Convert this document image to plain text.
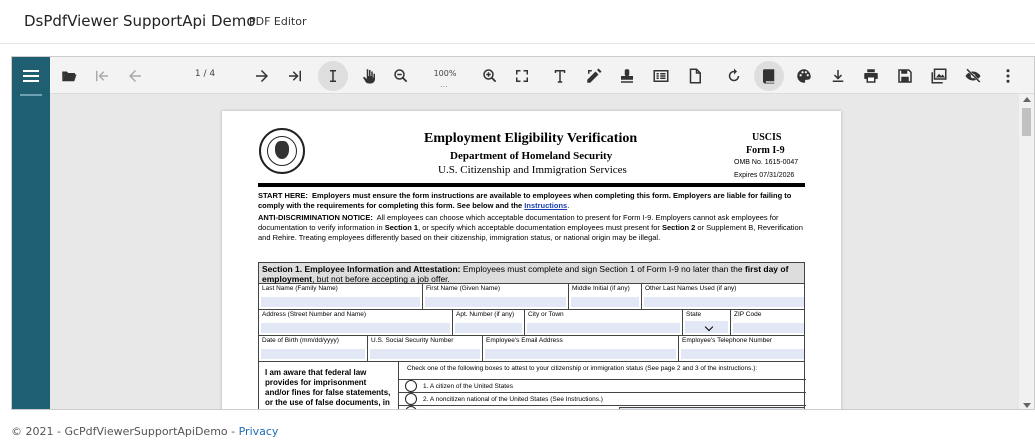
DsPdfViewer SupportApi Demo
PDF Editor
1 / 4	100%
...
Employment Eligibility Verification
Department of Homeland Security
U.S. Citizenship and Immigration Services
USCIS
Form I-9
OMB No. 1615-0047
Expires 07/31/2026
START HERE: Employers must ensure the form instructions are available to employees when completing this form. Employers are liable for failing to comply with the requirements for completing this form. See below and the Instructions.
ANTI-DISCRIMINATION NOTICE: All employees can choose which acceptable documentation to present for Form I-9. Employers cannot ask employees for documentation to verify information in Section 1, or specify which acceptable documentation employees must present for Section 2 or Supplement B, Reverification and Rehire. Treating employees differently based on their citizenship, immigration status, or national origin may be illegal.
Section 1. Employee Information and Attestation: Employees must complete and sign Section 1 of Form I-9 no later than the first day of employment, but not before accepting a job offer.
Last Name (Family Name)	First Name (Given Name)	Middle Initial (if any)	Other Last Names Used (if any)
Address (Street Number and Name)	Apt. Number (if any)	City or Town	State	ZIP Code
Date of Birth (mm/dd/yyyy)	U.S. Social Security Number	Employee's Email Address	Employee's Telephone Number
I am aware that federal law provides for imprisonment and/or fines for false statements, or the use of false documents, in
Check one of the following boxes to attest to your citizenship or immigration status (See page 2 and 3 of the instructions.):
1. A citizen of the United States
2. A noncitizen national of the United States (See Instructions.)
© 2021 - GcPdfViewerSupportApiDemo - Privacy
